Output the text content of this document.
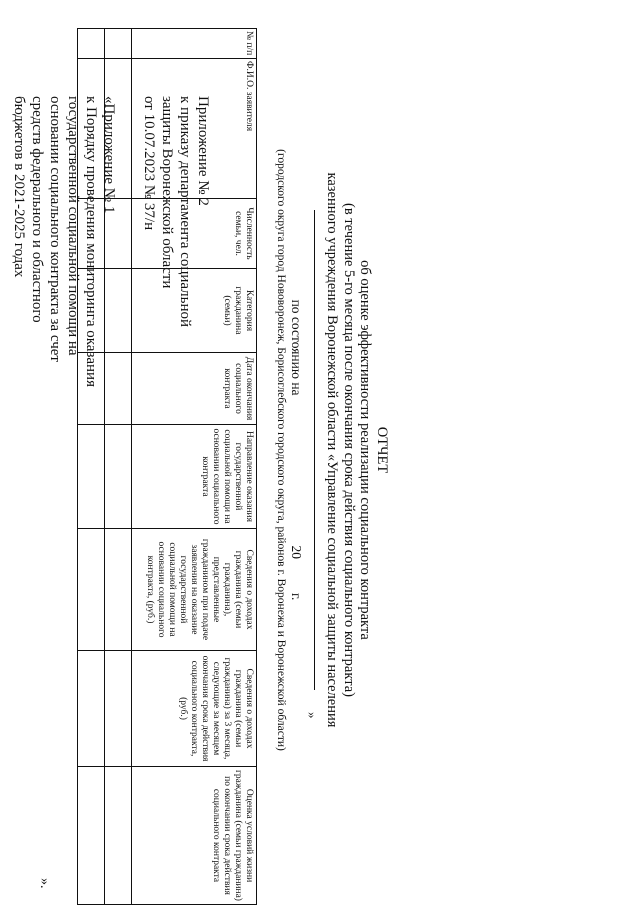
Приложение № 2
к приказу департамента социальной
защиты Воронежской области
от 10.07.2023 № 37/н
«Приложение № 1
к Порядку проведения мониторинга оказания
государственной социальной помощи на
основании социального контракта за счет
средств федерального и областного
бюджетов в 2021-2025 годах
ОТЧЕТ
об оценке эффективности реализации социального контракта
(в течение 5-го месяца после окончания срока действия социального контракта)
казенного учреждения Воронежской области «Управление социальной защиты населения
»
(городского округа город Нововоронеж, Борисоглебского городского округа, районов г. Воронежа и Воронежской области)
№ п/п	Ф.И.О. заявителя	Численность семьи, чел.	Категория гражданина (семьи)	Дата окончания социального контракта	Направление оказания государственной социальной помощи на основании социального контракта	Сведения о доходах гражданина (семьи гражданина), представленные гражданином при подаче заявления на оказание государственной социальной помощи на основании социального контракта, (руб.)	Сведения о доходах гражданина (семьи гражданина) за 3 месяца, следующие за месяцем окончания срока действия социального контракта, (руб.)	Оценка условий жизни гражданина (семьи гражданина) по окончании срока действия социального контракта

».
по состоянию на20г.
